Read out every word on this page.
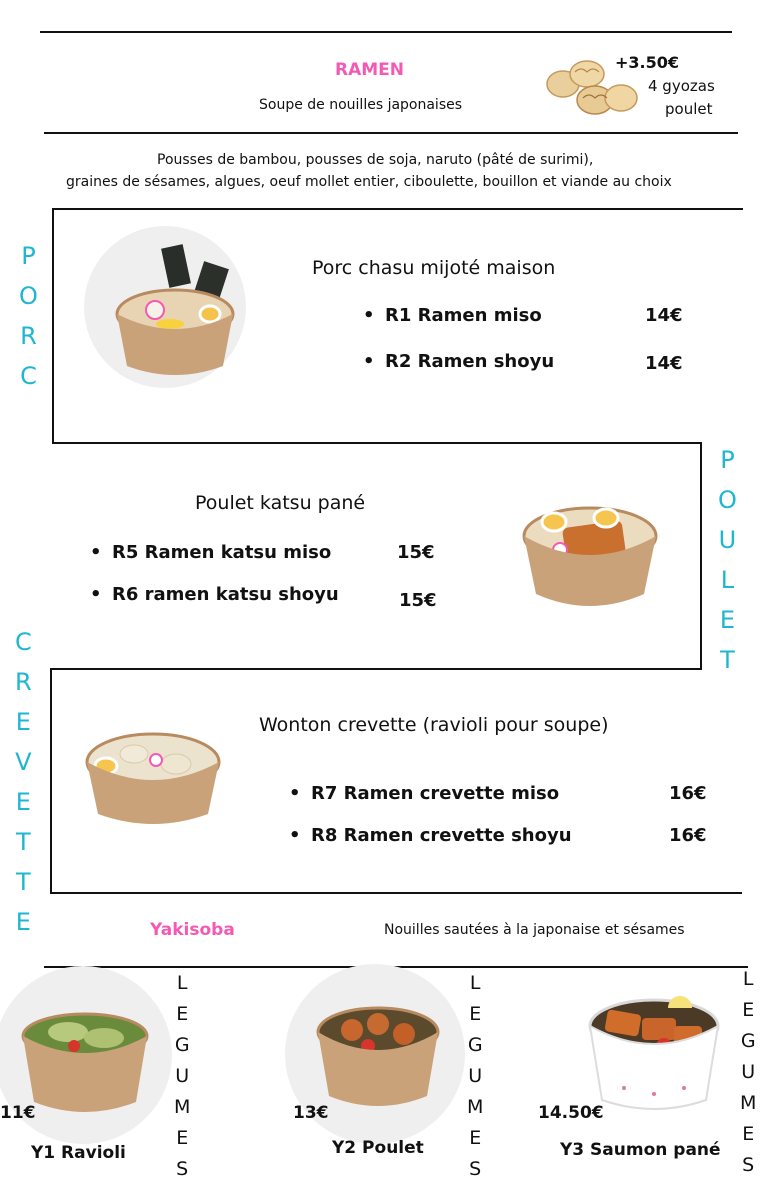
RAMEN
Soupe de nouilles japonaises
+3.50€
4 gyozas
poulet
Pousses de bambou, pousses de soja, naruto (pâté de surimi),
graines de sésames, algues, oeuf mollet entier, ciboulette, bouillon et viande au choix
P
O
R
C
Porc chasu mijoté maison
• R1 Ramen miso	14€
• R2 Ramen shoyu	14€
P
O
U
L
E
T
Poulet katsu pané
• R5 Ramen katsu miso	15€
• R6 ramen katsu shoyu	15€
C
R
E
V
E
T
T
E
Wonton crevette (ravioli pour soupe)
• R7 Ramen crevette miso	16€
• R8 Ramen crevette shoyu	16€
Yakisoba	Nouilles sautées à la japonaise et sésames
11€
Y1 Ravioli
L
E
G
U
M
E
S
13€
Y2 Poulet
L
E
G
U
M
E
S
14.50€
Y3 Saumon pané
L
E
G
U
M
E
S
